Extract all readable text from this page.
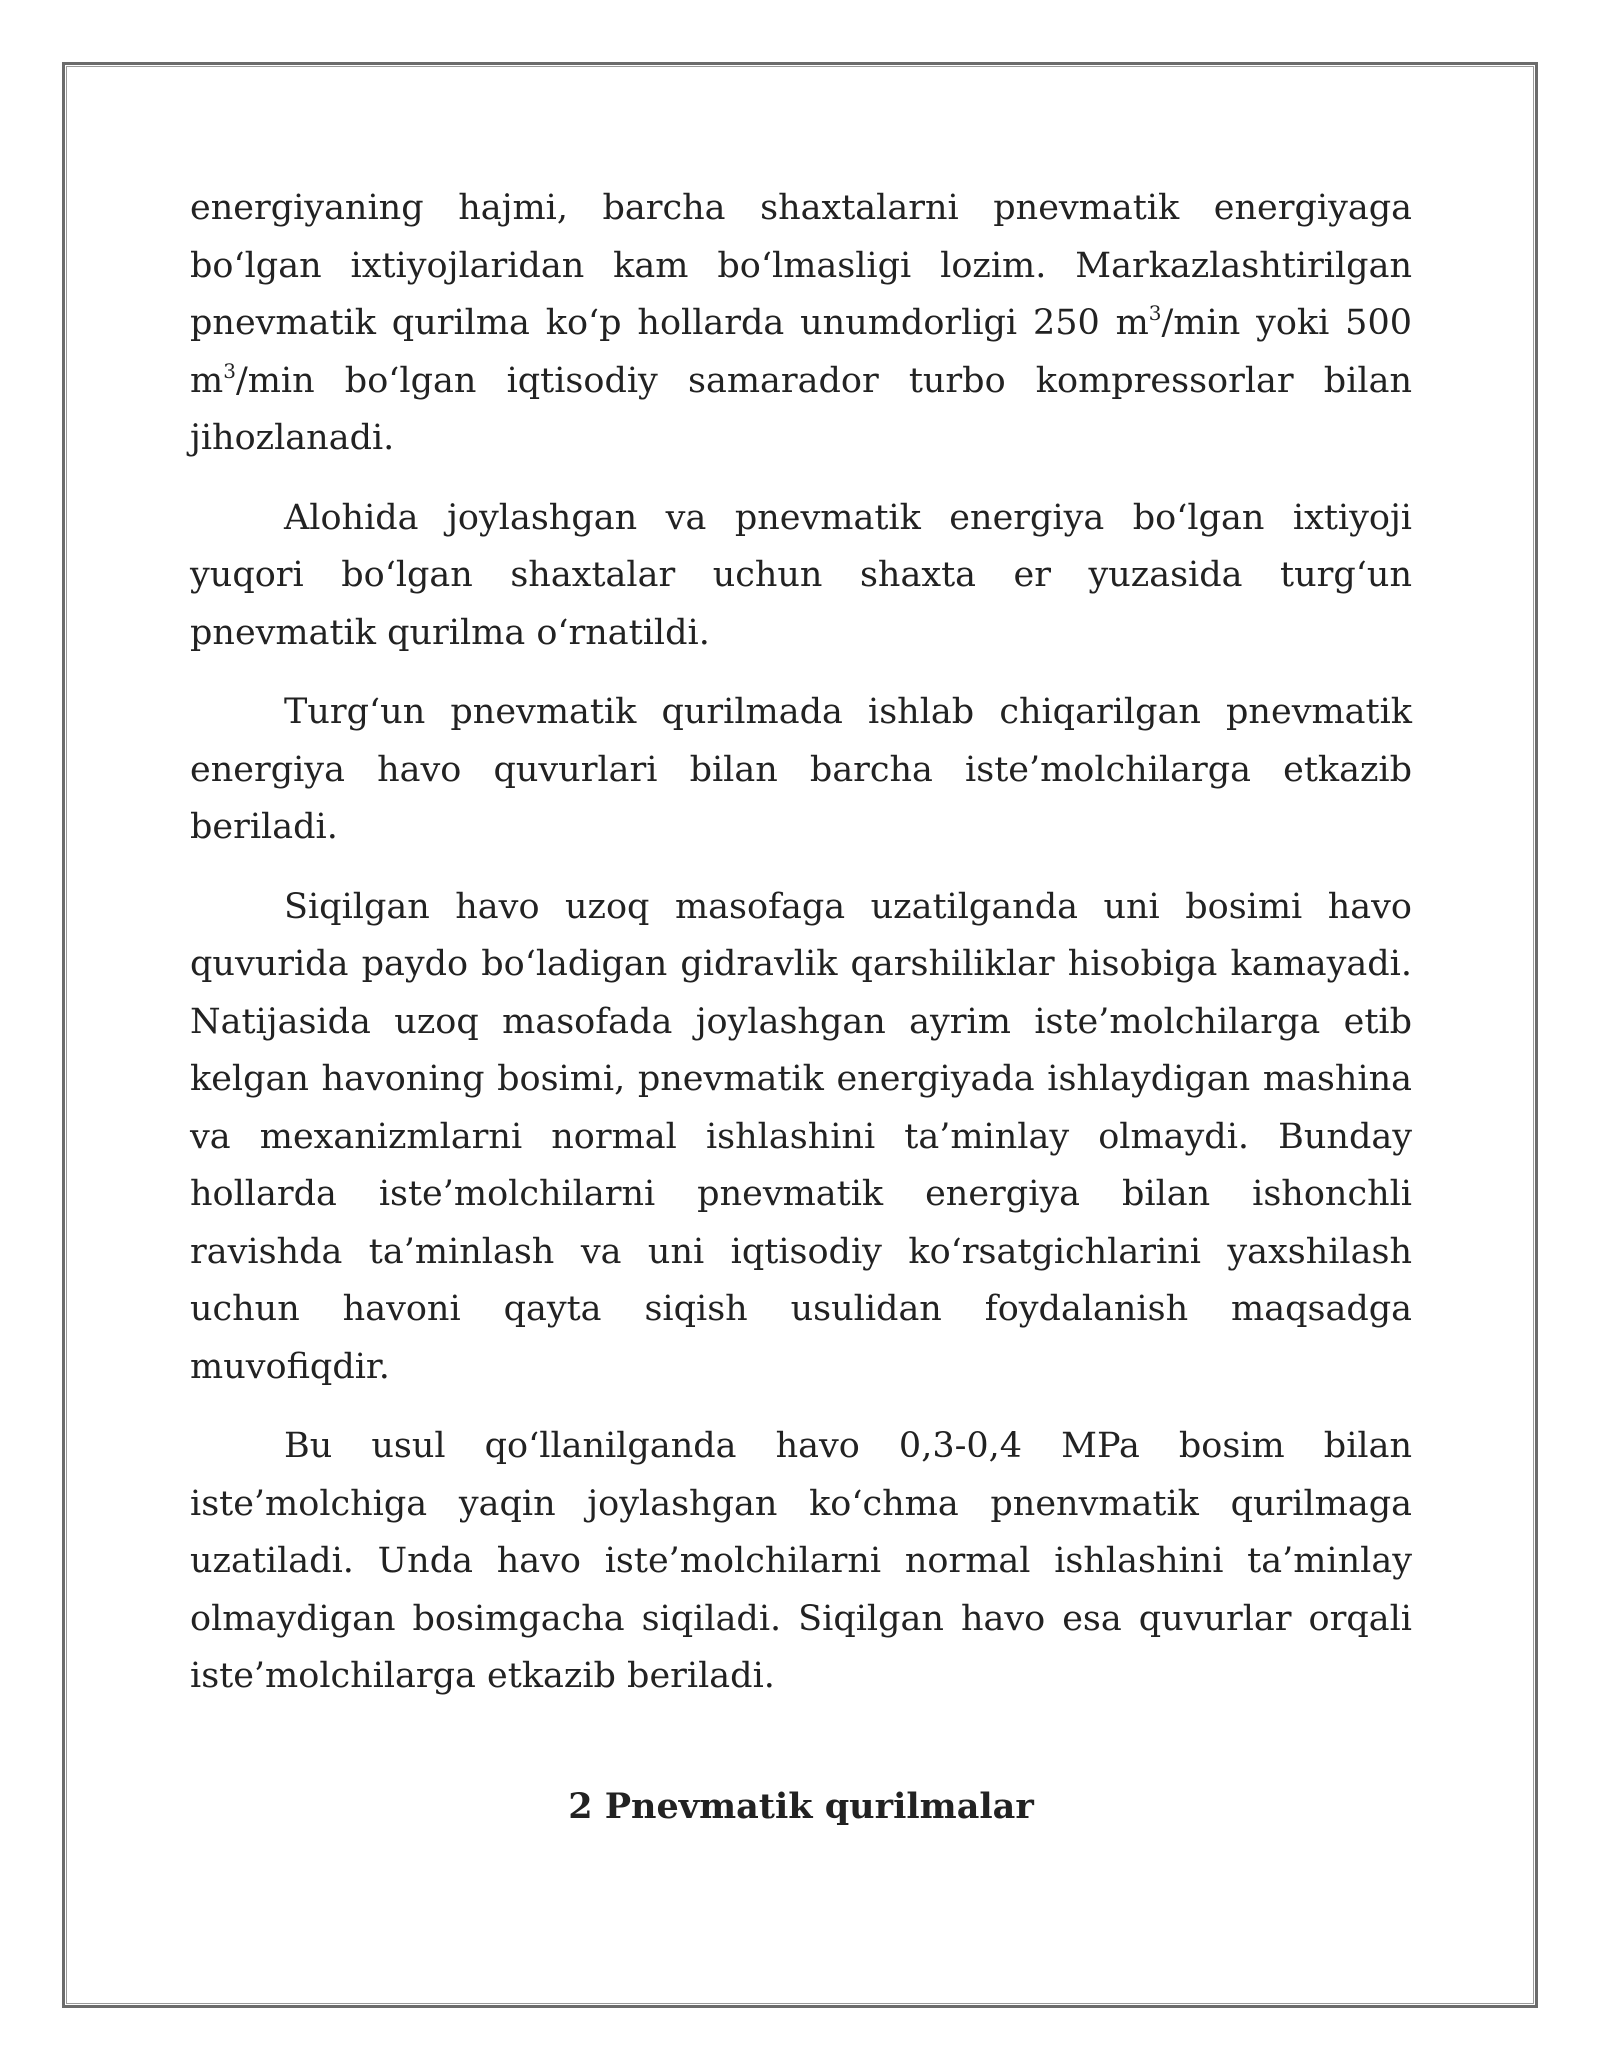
energiyaning hajmi, barcha shaxtalarni pnevmatik energiyaga bo‘lgan ixtiyojlaridan kam bo‘lmasligi lozim. Markazlashtirilgan pnevmatik qurilma ko‘p hollarda unumdorligi 250 $m^3/\min$ yoki 500 $m^3/\min$ bo‘lgan iqtisodiy samarador turbo kompressorlar bilan jihozlanadi.

Alohida joylashgan va pnevmatik energiya bo‘lgan ixtiyoji yuqori bo‘lgan shaxtalar uchun shaxta er yuzasida turg‘un pnevmatik qurilma o‘rnatildi.

Turg‘un pnevmatik qurilmada ishlab chiqarilgan pnevmatik energiya havo quvurlari bilan barcha iste’molchilarga etkazib beriladi.

Siqilgan havo uzoq masofaga uzatilganda uni bosimi havo quvurida paydo bo‘ladigan gidravlik qarshiliklar hisobiga kamayadi. Natijasida uzoq masofada joylashgan ayrim iste’molchilarga etib kelgan havoning bosimi, pnevmatik energiyada ishlaydigan mashina va mexanizmlarni normal ishlashini ta’minlay olmaydi. Bunday hollarda iste’molchilarni pnevmatik energiya bilan ishonchli ravishda ta’minlash va uni iqtisodiy ko‘rsatgichlarini yaxshilash uchun havoni qayta siqish usulidan foydalanish maqsadga muvofiqdir.

Bu usul qo‘llanilganda havo 0,3-0,4 MPa bosim bilan iste’molchiga yaqin joylashgan ko‘chma pnenvmatik qurilmaga uzatiladi. Unda havo iste’molchilarni normal ishlashini ta’minlay olmaydigan bosimgacha siqiladi. Siqilgan havo esa quvurlar orqali iste’molchilarga etkazib beriladi.

2 Pnevmatik qurilmalar
